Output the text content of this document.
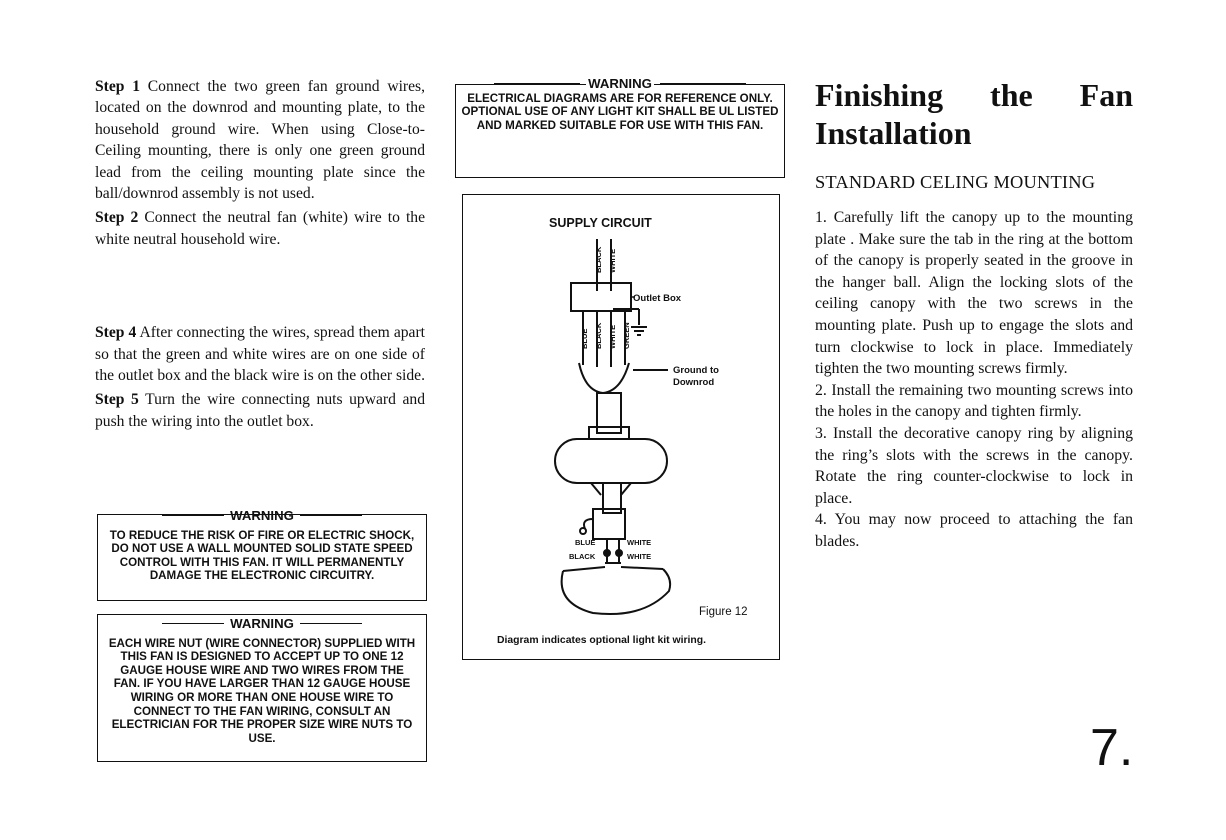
Step 1 Connect the two green fan ground wires, located on the downrod and mounting plate, to the household ground wire. When using Close-to-Ceiling mounting, there is only one green ground lead from the ceiling mounting plate since the ball/downrod assembly is not used.

Step 2 Connect the neutral fan (white) wire to the white neutral household wire.

Step 4 After connecting the wires, spread them apart so that the green and white wires are on one side of the outlet box and the black wire is on the other side.

Step 5 Turn the wire connecting nuts upward and push the wiring into the outlet box.

WARNING
TO REDUCE THE RISK OF FIRE OR ELECTRIC SHOCK, DO NOT USE A WALL MOUNTED SOLID STATE SPEED CONTROL WITH THIS FAN. IT WILL PERMANENTLY DAMAGE THE ELECTRONIC CIRCUITRY.
WARNING
EACH WIRE NUT (WIRE CONNECTOR) SUPPLIED WITH THIS FAN IS DESIGNED TO ACCEPT UP TO ONE 12 GAUGE HOUSE WIRE AND TWO WIRES FROM THE FAN. IF YOU HAVE LARGER THAN 12 GAUGE HOUSE WIRING OR MORE THAN ONE HOUSE WIRE TO CONNECT TO THE FAN WIRING, CONSULT AN ELECTRICIAN FOR THE PROPER SIZE WIRE NUTS TO USE.
WARNING
ELECTRICAL DIAGRAMS ARE FOR REFERENCE ONLY. OPTIONAL USE OF ANY LIGHT KIT SHALL BE UL LISTED AND MARKED SUITABLE FOR USE WITH THIS FAN.
SUPPLY CIRCUIT
BLACK WHITE
Outlet Box
BLUE BLACK WHITE GREEN
Ground to
Downrod
BLUE
BLACK
WHITE
WHITE
Figure 12
Diagram indicates optional light kit wiring.
Finishing the Fan
Installation
STANDARD CELING MOUNTING

1. Carefully lift the canopy up to the mounting plate . Make sure the tab in the ring at the bottom of the canopy is properly seated in the groove in the hanger ball. Align the locking slots of the ceiling canopy with the two screws in the mounting plate. Push up to engage the slots and turn clockwise to lock in place. Immediately tighten the two mounting screws firmly.

2. Install the remaining two mounting screws into the holes in the canopy and tighten firmly.

3. Install the decorative canopy ring by aligning the ring’s slots with the screws in the canopy. Rotate the ring counter-clockwise to lock in place.

4. You may now proceed to attaching the fan blades.

7.
